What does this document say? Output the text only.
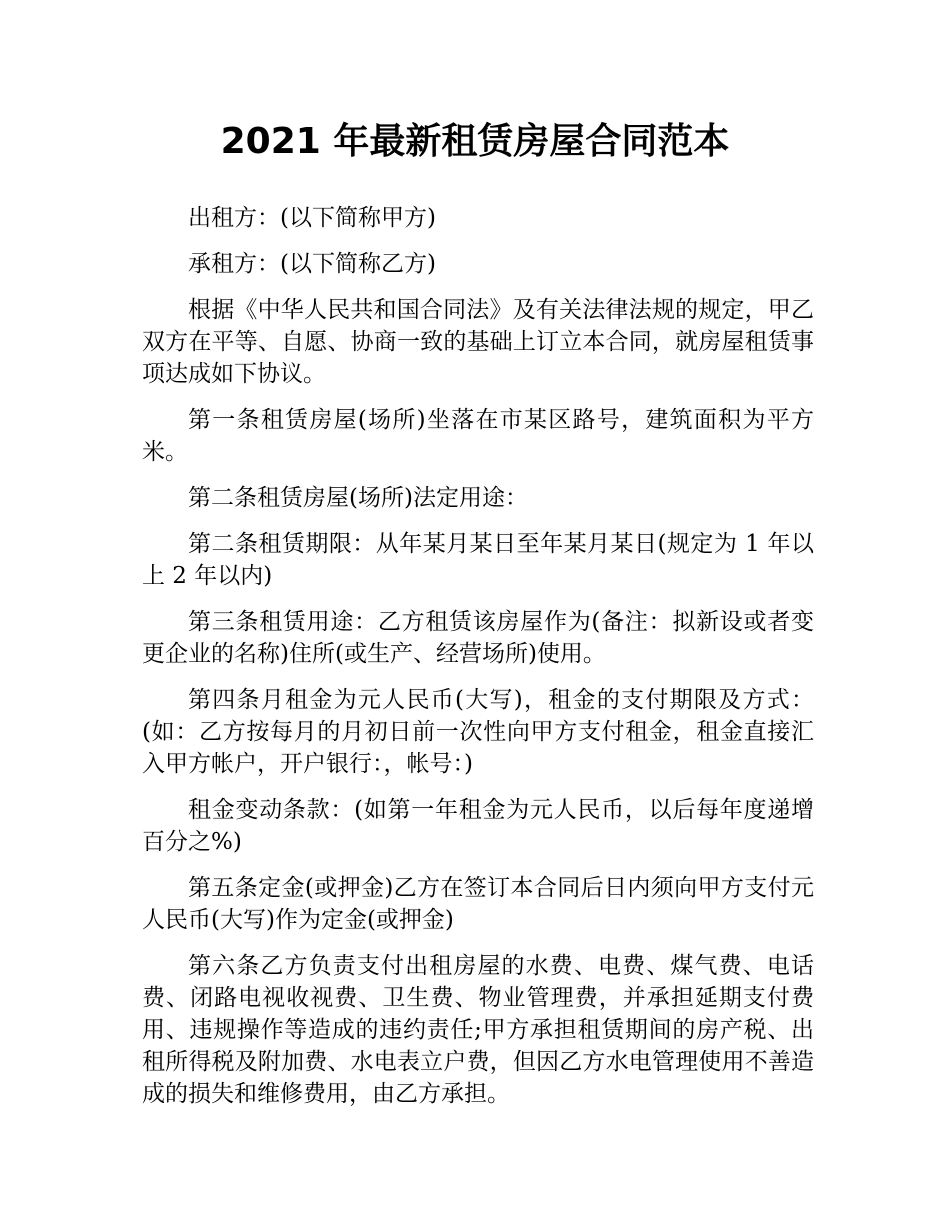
2021 年最新租赁房屋合同范本

出租方：(以下简称甲方)

承租方：(以下简称乙方)

根据《中华人民共和国合同法》及有关法律法规的规定，甲乙双方在平等、自愿、协商一致的基础上订立本合同，就房屋租赁事项达成如下协议。

第一条租赁房屋(场所)坐落在市某区路号，建筑面积为平方米。

第二条租赁房屋(场所)法定用途：

第二条租赁期限：从年某月某日至年某月某日(规定为 1 年以上 2 年以内)

第三条租赁用途：乙方租赁该房屋作为(备注：拟新设或者变更企业的名称)住所(或生产、经营场所)使用。

第四条月租金为元人民币(大写)，租金的支付期限及方式：(如：乙方按每月的月初日前一次性向甲方支付租金，租金直接汇入甲方帐户，开户银行：，帐号：)

租金变动条款：(如第一年租金为元人民币，以后每年度递增百分之%)

第五条定金(或押金)乙方在签订本合同后日内须向甲方支付元人民币(大写)作为定金(或押金)

第六条乙方负责支付出租房屋的水费、电费、煤气费、电话费、闭路电视收视费、卫生费、物业管理费，并承担延期支付费用、违规操作等造成的违约责任;甲方承担租赁期间的房产税、出租所得税及附加费、水电表立户费，但因乙方水电管理使用不善造成的损失和维修费用，由乙方承担。
